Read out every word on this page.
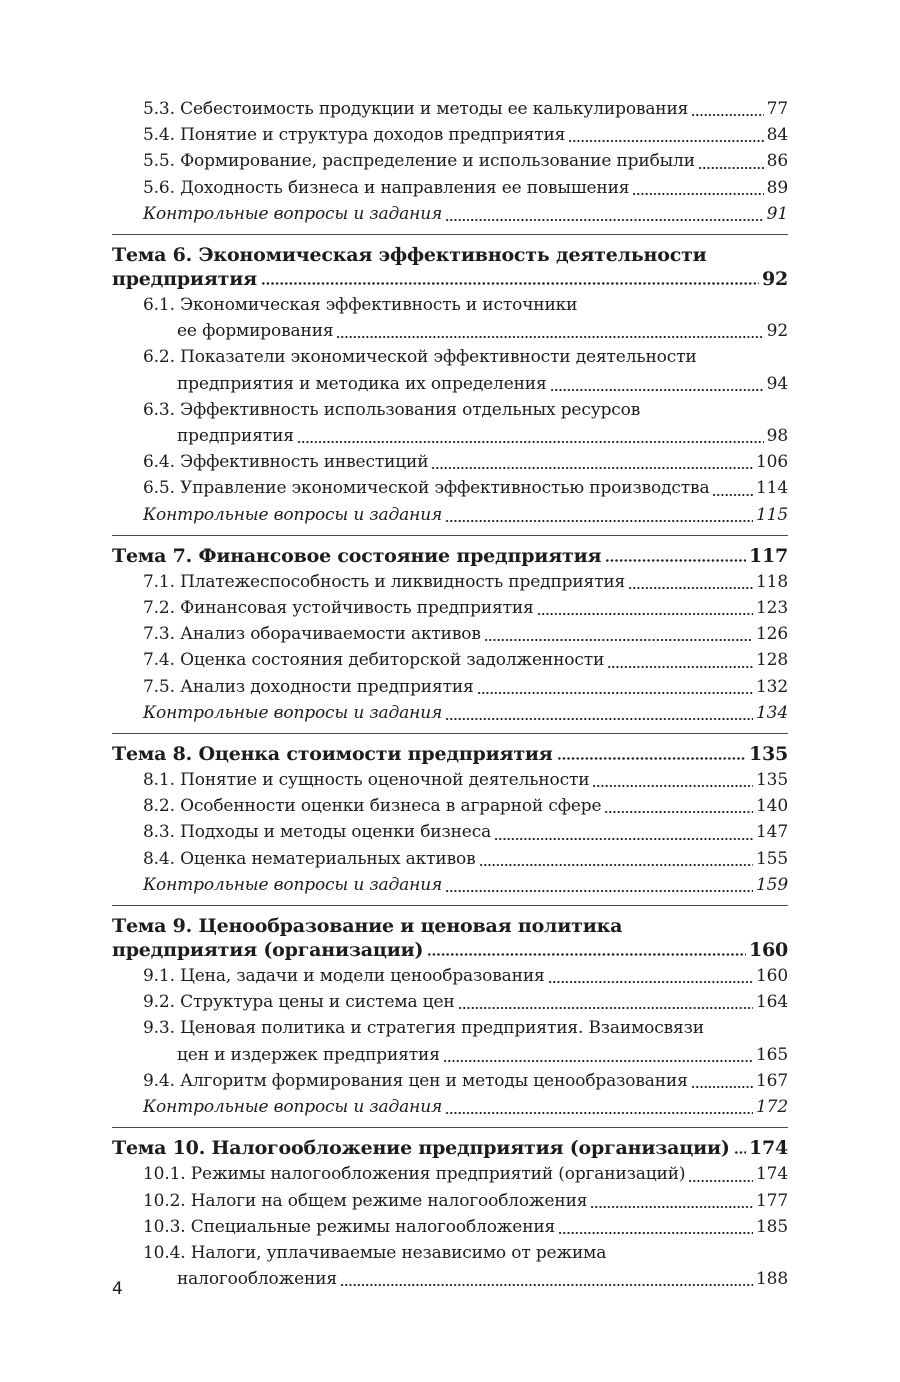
5.3. Себестоимость продукции и методы ее калькулирования	77
5.4. Понятие и структура доходов предприятия	84
5.5. Формирование, распределение и использование прибыли	86
5.6. Доходность бизнеса и направления ее повышения	89
Контрольные вопросы и задания	91
Тема 6. Экономическая эффективность деятельности
предприятия	92
6.1. Экономическая эффективность и источники
ее формирования	92
6.2. Показатели экономической эффективности деятельности
предприятия и методика их определения	94
6.3. Эффективность использования отдельных ресурсов
предприятия	98
6.4. Эффективность инвестиций	106
6.5. Управление экономической эффективностью производства	114
Контрольные вопросы и задания	115
Тема 7. Финансовое состояние предприятия	117
7.1. Платежеспособность и ликвидность предприятия	118
7.2. Финансовая устойчивость предприятия	123
7.3. Анализ оборачиваемости активов	126
7.4. Оценка состояния дебиторской задолженности	128
7.5. Анализ доходности предприятия	132
Контрольные вопросы и задания	134
Тема 8. Оценка стоимости предприятия	135
8.1. Понятие и сущность оценочной деятельности	135
8.2. Особенности оценки бизнеса в аграрной сфере	140
8.3. Подходы и методы оценки бизнеса	147
8.4. Оценка нематериальных активов	155
Контрольные вопросы и задания	159
Тема 9. Ценообразование и ценовая политика
предприятия (организации)	160
9.1. Цена, задачи и модели ценообразования	160
9.2. Структура цены и система цен	164
9.3. Ценовая политика и стратегия предприятия. Взаимосвязи
цен и издержек предприятия	165
9.4. Алгоритм формирования цен и методы ценообразования	167
Контрольные вопросы и задания	172
Тема 10. Налогообложение предприятия (организации) 174
10.1. Режимы налогообложения предприятий (организаций)	174
10.2. Налоги на общем режиме налогообложения	177
10.3. Специальные режимы налогообложения	185
10.4. Налоги, уплачиваемые независимо от режима
налогообложения	188
4
